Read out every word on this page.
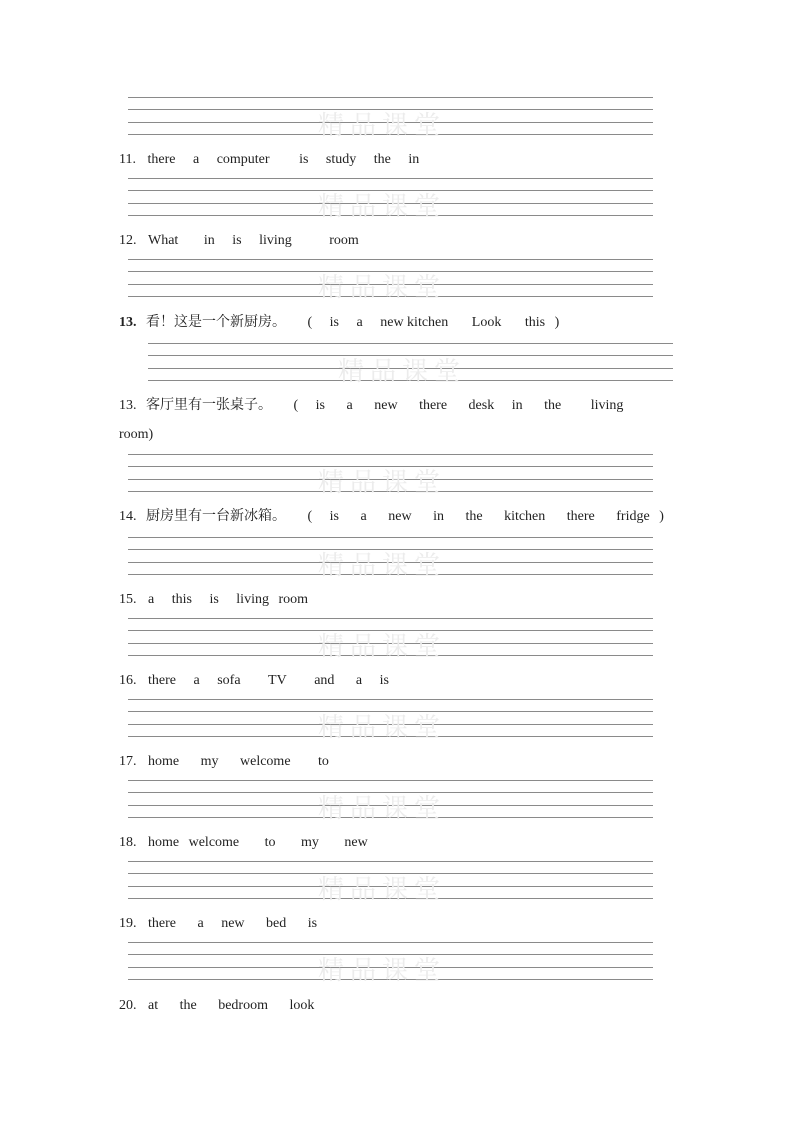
精品课堂
11. there a computer is study the in
精品课堂
12. What in is living	room
精品课堂
13. 看！这是一个新厨房。 ( is a new kitchen Look this )
精品课堂
13. 客厅里有一张桌子。 ( is a new there desk in the living
room)
精品课堂
14. 厨房里有一台新冰箱。 ( is a new in the kitchen there fridge )
精品课堂
15. a this is living room
精品课堂
16. there a sofa TV and a is
精品课堂
17. home my welcome to
精品课堂
18. home welcome to my new
精品课堂
19. there a new bed is
精品课堂
20. at the bedroom look
